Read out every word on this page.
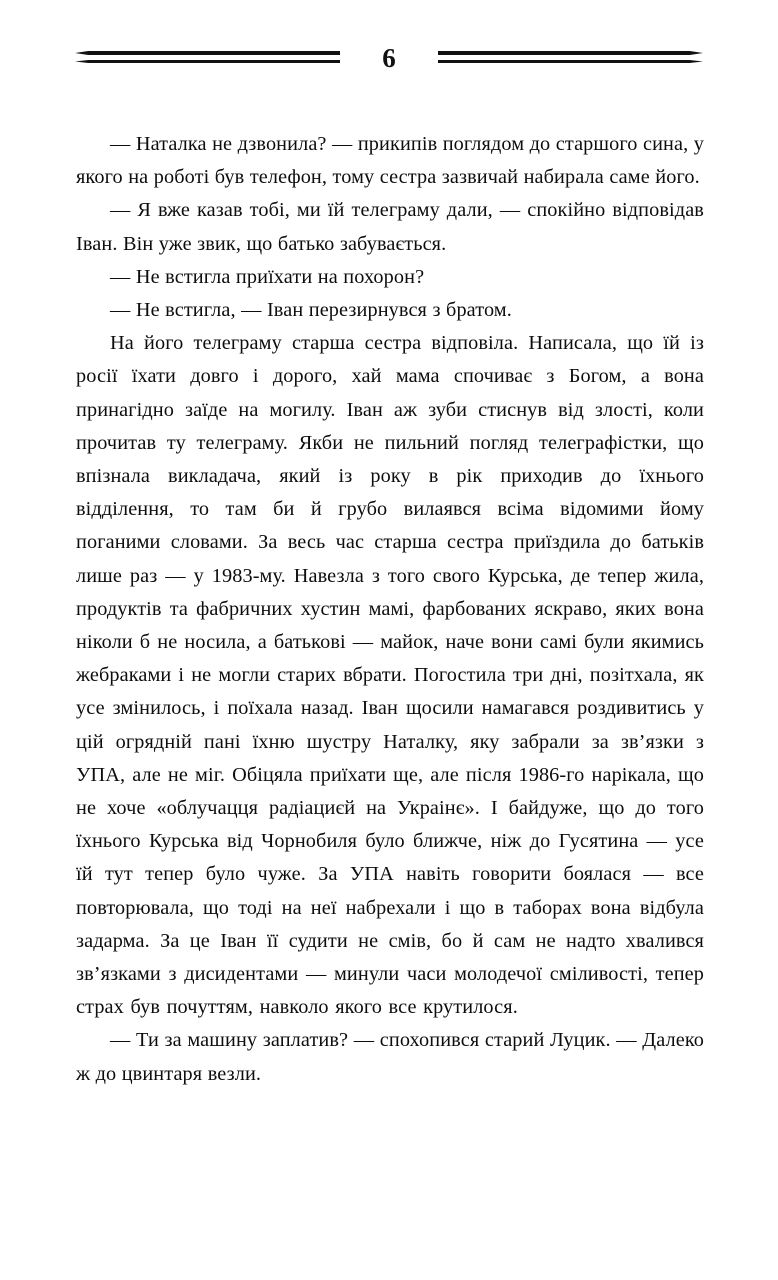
6

— Наталка не дзвонила? — прикипів поглядом до старшого сина, у якого на роботі був телефон, тому сестра зазвичай набирала саме його.

— Я вже казав тобі, ми їй телеграму дали, — спокійно відповідав Іван. Він уже звик, що батько забувається.

— Не встигла приїхати на похорон?

— Не встигла, — Іван перезирнувся з братом.

На його телеграму старша сестра відповіла. Написала, що їй із росії їхати довго і дорого, хай мама спочиває з Богом, а вона принагідно заїде на могилу. Іван аж зуби стиснув від злості, коли прочитав ту телеграму. Якби не пильний погляд телеграфістки, що впізнала викладача, який із року в рік приходив до їхнього відділення, то там би й грубо вилаявся всіма відомими йому поганими словами. За весь час старша сестра приїздила до батьків лише раз — у 1983-му. Навезла з того свого Курська, де тепер жила, продуктів та фабричних хустин мамі, фарбованих яскраво, яких вона ніколи б не носила, а батькові — майок, наче вони самі були якимись жебраками і не могли старих вбрати. Погостила три дні, позітхала, як усе змінилось, і поїхала назад. Іван щосили намагався роздивитись у цій огрядній пані їхню шустру Наталку, яку забрали за зв’язки з УПА, але не міг. Обіцяла приїхати ще, але після 1986-го нарікала, що не хоче «облучацця радіациєй на Украінє». І байдуже, що до того їхнього Курська від Чорнобиля було ближче, ніж до Гусятина — усе їй тут тепер було чуже. За УПА навіть говорити боялася — все повторювала, що тоді на неї набрехали і що в таборах вона відбула задарма. За це Іван її судити не смів, бо й сам не надто хвалився зв’язками з дисидентами — минули часи молодечої сміливості, тепер страх був почуттям, навколо якого все крутилося.

— Ти за машину заплатив? — спохопився старий Луцик. — Далеко ж до цвинтаря везли.
